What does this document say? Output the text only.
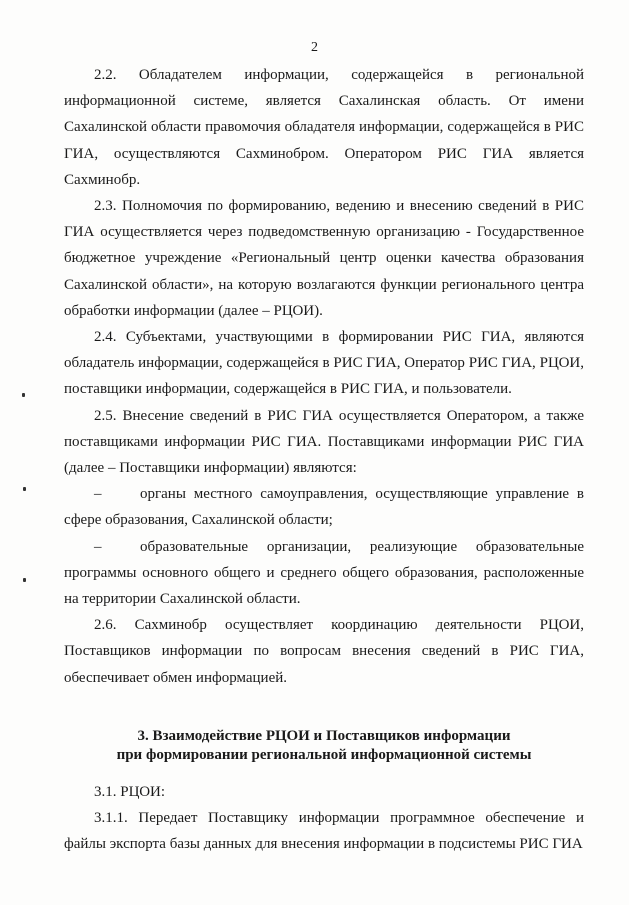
2
2.2.   Обладателем   информации,   содержащейся   в   региональной
информационной системе, является Сахалинская область. От имени
Сахалинской области правомочия обладателя информации, содержащейся в РИС
ГИА, осуществляются Сахминобром. Оператором РИС ГИА является
Сахминобр.
2.3. Полномочия по формированию, ведению и внесению сведений в РИС
ГИА осуществляется через подведомственную организацию - Государственное
бюджетное учреждение «Региональный центр оценки качества образования
Сахалинской области», на которую возлагаются функции регионального центра
обработки информации (далее – РЦОИ).
2.4. Субъектами, участвующими в формировании РИС ГИА, являются
обладатель информации, содержащейся в РИС ГИА, Оператор РИС ГИА, РЦОИ,
поставщики информации, содержащейся в РИС ГИА, и пользователи.
2.5. Внесение сведений в РИС ГИА осуществляется Оператором, а также
поставщиками информации РИС ГИА. Поставщиками информации РИС ГИА
(далее – Поставщики информации) являются:
–	органы местного самоуправления, осуществляющие управление в
сфере образования, Сахалинской области;
–	образовательные организации, реализующие образовательные
программы основного общего и среднего общего образования, расположенные
на территории Сахалинской области.
2.6. Сахминобр осуществляет координацию деятельности РЦОИ,
Поставщиков информации по вопросам внесения сведений в РИС ГИА,
обеспечивает обмен информацией.
3. Взаимодействие РЦОИ и Поставщиков информации
при формировании региональной информационной системы
3.1. РЦОИ:
3.1.1. Передает Поставщику информации программное обеспечение и
файлы экспорта базы данных для внесения информации в подсистемы РИС ГИА
